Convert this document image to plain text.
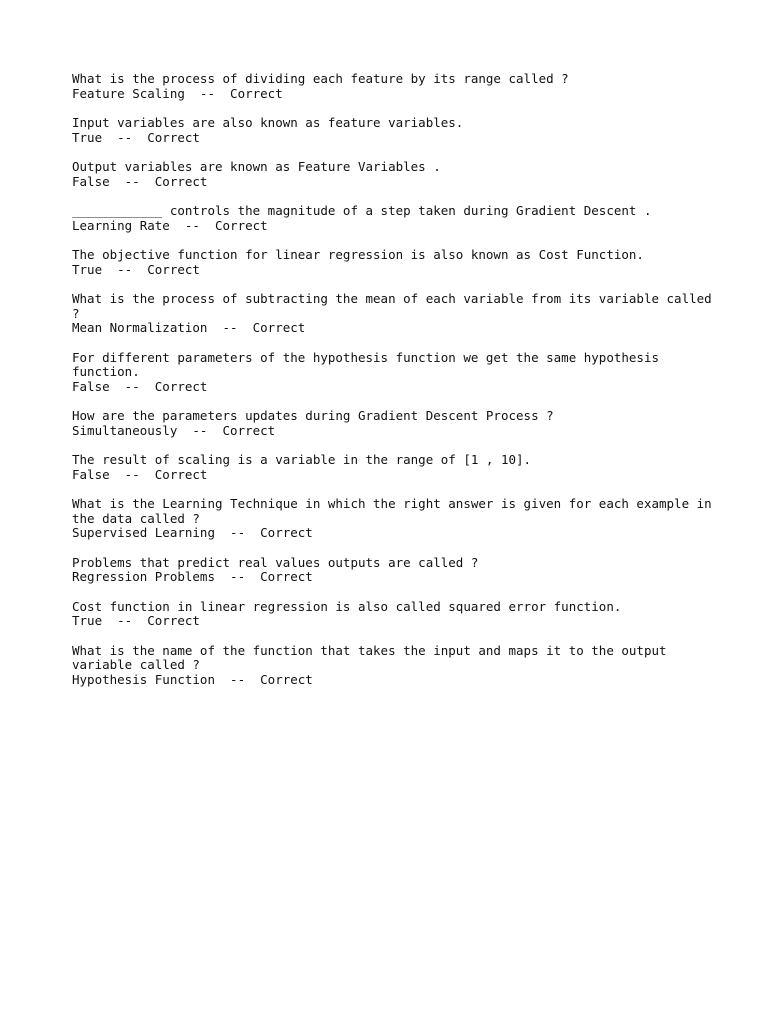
What is the process of dividing each feature by its range called ?
Feature Scaling  --  Correct
Input variables are also known as feature variables.
True  --  Correct
Output variables are known as Feature Variables .
False  --  Correct
____________ controls the magnitude of a step taken during Gradient Descent .
Learning Rate  --  Correct
The objective function for linear regression is also known as Cost Function.
True  --  Correct
What is the process of subtracting the mean of each variable from its variable called ?
Mean Normalization  --  Correct
For different parameters of the hypothesis function we get the same hypothesis function.
False  --  Correct
How are the parameters updates during Gradient Descent Process ?
Simultaneously  --  Correct
The result of scaling is a variable in the range of [1 , 10].
False  --  Correct
What is the Learning Technique in which the right answer is given for each example in the data called ?
Supervised Learning  --  Correct
Problems that predict real values outputs are called ?
Regression Problems  --  Correct
Cost function in linear regression is also called squared error function.
True  --  Correct
What is the name of the function that takes the input and maps it to the output variable called ?
Hypothesis Function  --  Correct
